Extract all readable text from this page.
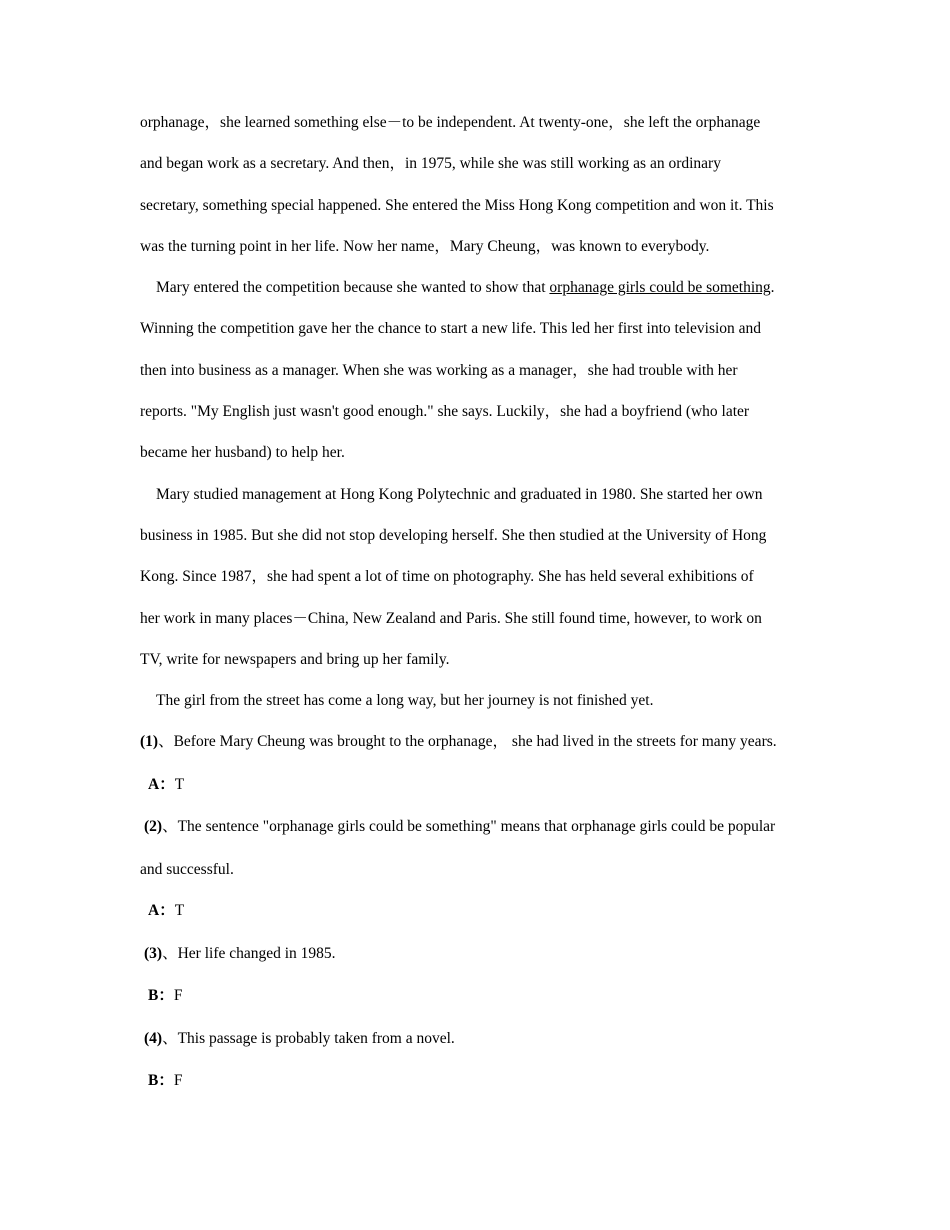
orphanage，she learned something else－to be independent. At twenty-one，she left the orphanage
and began work as a secretary. And then，in 1975, while she was still working as an ordinary
secretary, something special happened. She entered the Miss Hong Kong competition and won it. This
was the turning point in her life. Now her name，Mary Cheung，was known to everybody.
Mary entered the competition because she wanted to show that orphanage girls could be something.
Winning the competition gave her the chance to start a new life. This led her first into television and
then into business as a manager. When she was working as a manager，she had trouble with her
reports. "My English just wasn't good enough." she says. Luckily，she had a boyfriend (who later
became her husband) to help her.
Mary studied management at Hong Kong Polytechnic and graduated in 1980. She started her own
business in 1985. But she did not stop developing herself. She then studied at the University of Hong
Kong. Since 1987，she had spent a lot of time on photography. She has held several exhibitions of
her work in many places－China, New Zealand and Paris. She still found time, however, to work on
TV, write for newspapers and bring up her family.
The girl from the street has come a long way, but her journey is not finished yet.
(1)、Before Mary Cheung was brought to the orphanage， she had lived in the streets for many years.
A：T
(2)、The sentence "orphanage girls could be something" means that orphanage girls could be popular
and successful.
A：T
(3)、Her life changed in 1985.
B：F
(4)、This passage is probably taken from a novel.
B：F
